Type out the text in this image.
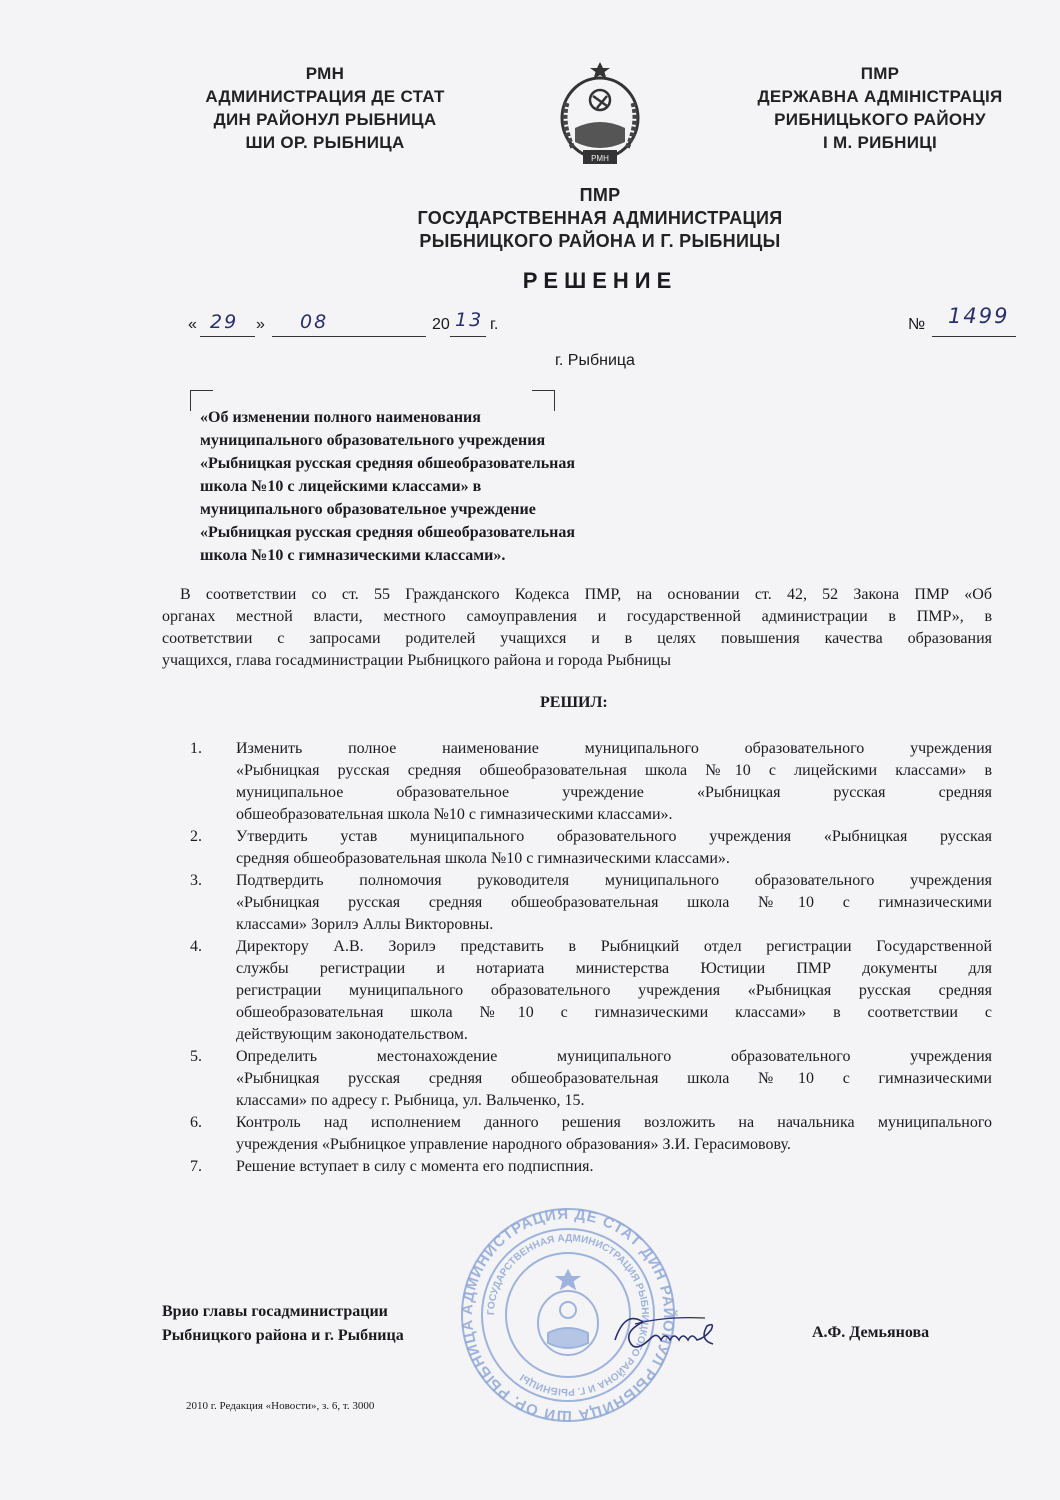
РМН
АДМИНИСТРАЦИЯ ДЕ СТАТ
ДИН РАЙОНУЛ РЫБНИЦА
ШИ ОР. РЫБНИЦА
РМН
ПМР
ДЕРЖАВНА АДМІНІСТРАЦІЯ
РИБНИЦЬКОГО РАЙОНУ
І М. РИБНИЦІ
ПМР
ГОСУДАРСТВЕННАЯ АДМИНИСТРАЦИЯ
РЫБНИЦКОГО РАЙОНА И Г. РЫБНИЦЫ
РЕШЕНИЕ
« 29 » 08	20 13 г.	№ 1499
г. Рыбница
«Об изменении полного наименования
муниципального образовательного учреждения
«Рыбницкая русская средняя обшеобразовательная
школа №10 с лицейскими классами» в
муниципального образовательное учреждение
«Рыбницкая русская средняя обшеобразовательная
школа №10 с гимназическими классами».
В соответствии со ст. 55 Гражданского Кодекса ПМР, на основании ст. 42, 52 Закона ПМР «Об
органах местной власти, местного самоуправления и государственной администрации в ПМР», в
соответствии с запросами родителей учащихся и в целях повышения качества образования
учащихся, глава госадминистрации Рыбницкого района и города Рыбницы
РЕШИЛ:
1.	Изменить полное наименование муниципального образовательного учреждения
«Рыбницкая русская средняя обшеобразовательная школа №10 с лицейскими классами» в
муниципальное образовательное учреждение «Рыбницкая русская средняя
обшеобразовательная школа №10 с гимназическими классами».
2.	Утвердить устав муниципального образовательного учреждения «Рыбницкая русская
средняя обшеобразовательная школа №10 с гимназическими классами».
3.	Подтвердить полномочия руководителя муниципального образовательного учреждения
«Рыбницкая русская средняя обшеобразовательная школа №10 с гимназическими
классами» Зорилэ Аллы Викторовны.
4.	Директору А.В. Зорилэ представить в Рыбницкий отдел регистрации Государственной
службы регистрации и нотариата министерства Юстиции ПМР документы для
регистрации муниципального образовательного учреждения «Рыбницкая русская средняя
обшеобразовательная школа №10 с гимназическими классами» в соответствии с
действующим законодательством.
5.	Определить местонахождение муниципального образовательного учреждения
«Рыбницкая русская средняя обшеобразовательная школа №10 с гимназическими
классами» по адресу г. Рыбница, ул. Вальченко, 15.
6.	Контроль над исполнением данного решения возложить на начальника муниципального
учреждения «Рыбницкое управление народного образования» З.И. Герасимовову.
7.	Решение вступает в силу с момента его подписпния.
АДМИНИСТРАЦИЯ ДЕ СТАТ ДИН РАЙОНУЛ РЫБНИЦА ШИ ОР. РЫБНИЦА
ГОСУДАРСТВЕННАЯ АДМИНИСТРАЦИЯ РЫБНИЦКОГО РАЙОНА И Г. РЫБНИЦЫ
Врио главы госадминистрации
Рыбницкого района и г. Рыбница	А.Ф. Демьянова
2010 г. Редакция «Новости», з. 6, т. 3000
